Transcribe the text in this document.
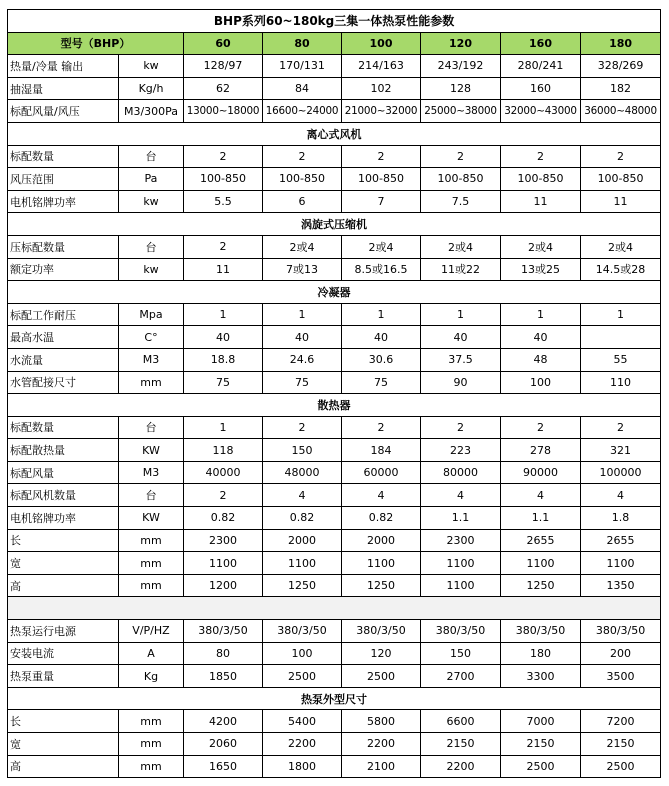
BHP系列60~180kg三集一体热泵性能参数							
型号（BHP）		60	80	100	120	160	180
热量/冷量 输出	kw	128/97	170/131	214/163	243/192	280/241	328/269
抽湿量	Kg/h	62	84	102	128	160	182
标配风量/风压	M3/300Pa	13000~18000	16600~24000	21000~32000	25000~38000	32000~43000	36000~48000
离心式风机							
标配数量	台	2	2	2	2	2	2
风压范围	Pa	100-850	100-850	100-850	100-850	100-850	100-850
电机铭牌功率	kw	5.5	6	7	7.5	11	11
涡旋式压缩机							
压标配数量	台	2	2或4	2或4	2或4	2或4	2或4
额定功率	kw	11	7或13	8.5或16.5	11或22	13或25	14.5或28
冷凝器							
标配工作耐压	Mpa	1	1	1	1	1	1
最高水温	C°	40	40	40	40	40	
水流量	M3	18.8	24.6	30.6	37.5	48	55
水管配接尺寸	mm	75	75	75	90	100	110
散热器							
标配数量	台	1	2	2	2	2	2
标配散热量	KW	118	150	184	223	278	321
标配风量	M3	40000	48000	60000	80000	90000	100000
标配风机数量	台	2	4	4	4	4	4
电机铭牌功率	KW	0.82	0.82	0.82	1.1	1.1	1.8
长	mm	2300	2000	2000	2300	2655	2655
宽	mm	1100	1100	1100	1100	1100	1100
高	mm	1200	1250	1250	1100	1250	1350

热泵运行电源	V/P/HZ	380/3/50	380/3/50	380/3/50	380/3/50	380/3/50	380/3/50
安装电流	A	80	100	120	150	180	200
热泵重量	Kg	1850	2500	2500	2700	3300	3500
热泵外型尺寸							
长	mm	4200	5400	5800	6600	7000	7200
宽	mm	2060	2200	2200	2150	2150	2150
高	mm	1650	1800	2100	2200	2500	2500
